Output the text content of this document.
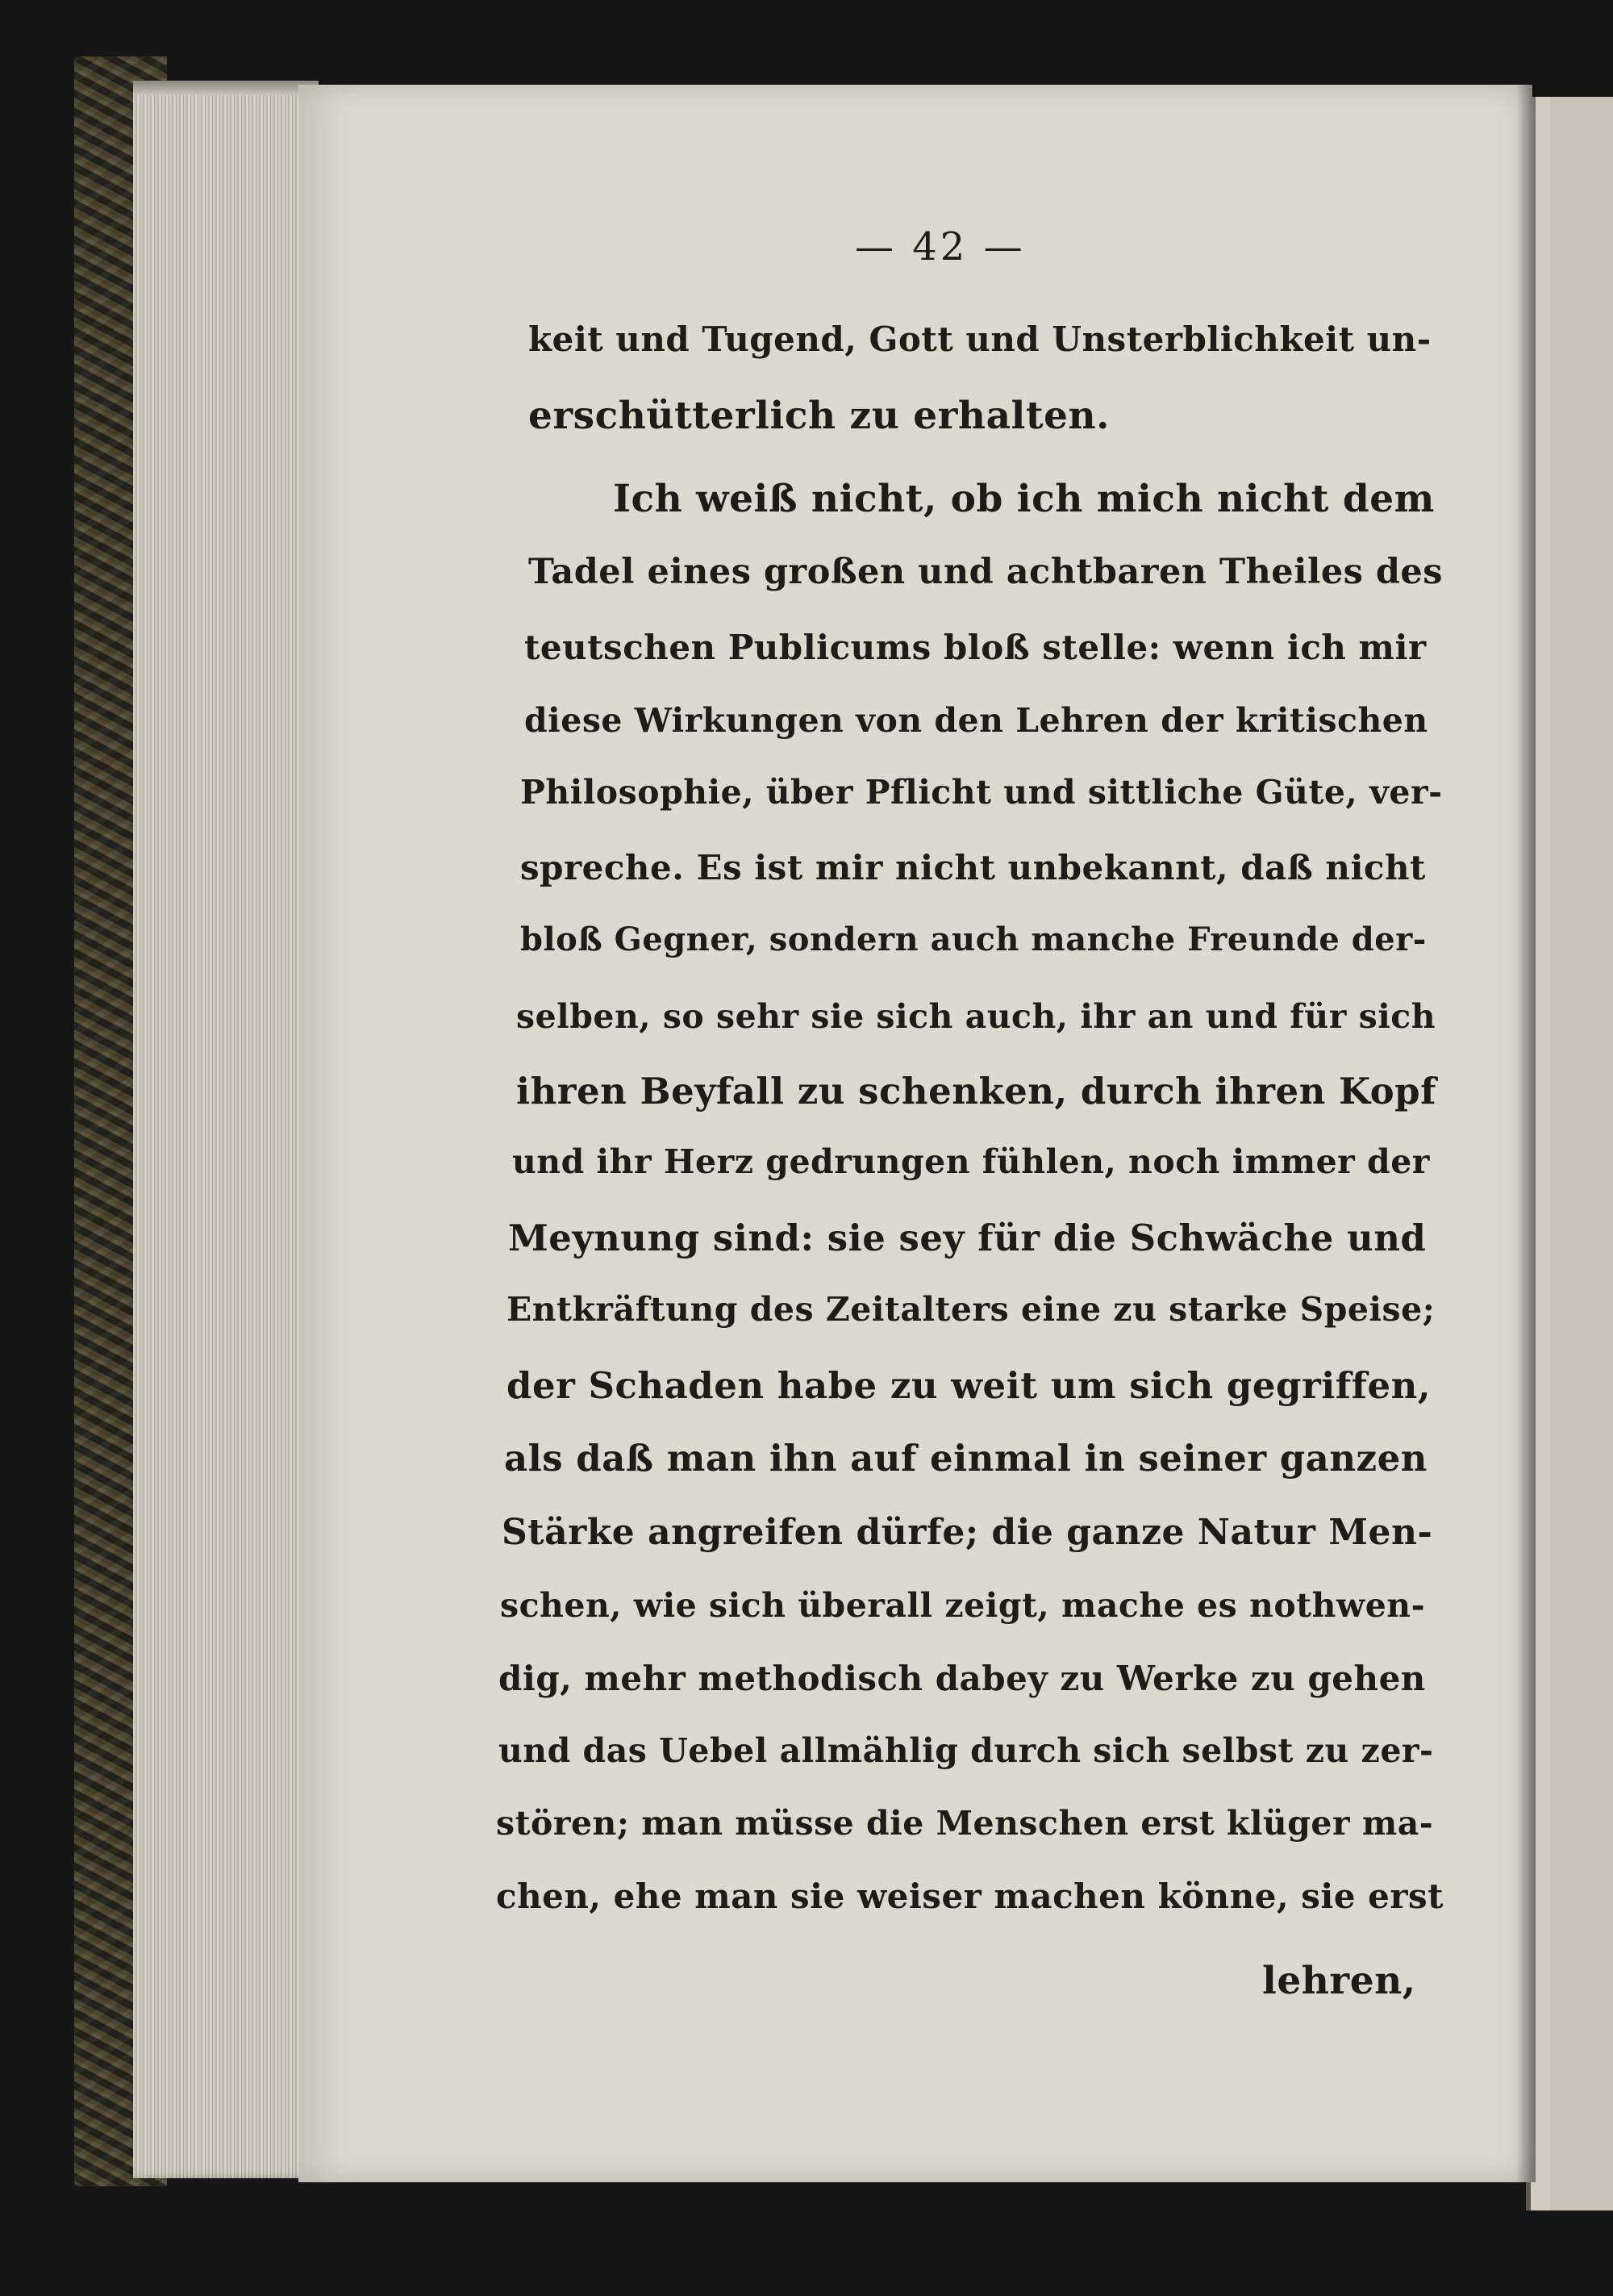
— 42 —
keit und Tugend, Gott und Unsterblichkeit un-
erschütterlich zu erhalten.
Ich weiß nicht, ob ich mich nicht dem
Tadel eines großen und achtbaren Theiles des
teutschen Publicums bloß stelle: wenn ich mir
diese Wirkungen von den Lehren der kritischen
Philosophie, über Pflicht und sittliche Güte, ver-
spreche. Es ist mir nicht unbekannt, daß nicht
bloß Gegner, sondern auch manche Freunde der-
selben, so sehr sie sich auch, ihr an und für sich
ihren Beyfall zu schenken, durch ihren Kopf
und ihr Herz gedrungen fühlen, noch immer der
Meynung sind: sie sey für die Schwäche und
Entkräftung des Zeitalters eine zu starke Speise;
der Schaden habe zu weit um sich gegriffen,
als daß man ihn auf einmal in seiner ganzen
Stärke angreifen dürfe; die ganze Natur Men-
schen, wie sich überall zeigt, mache es nothwen-
dig, mehr methodisch dabey zu Werke zu gehen
und das Uebel allmählig durch sich selbst zu zer-
stören; man müsse die Menschen erst klüger ma-
chen, ehe man sie weiser machen könne, sie erst
lehren,
